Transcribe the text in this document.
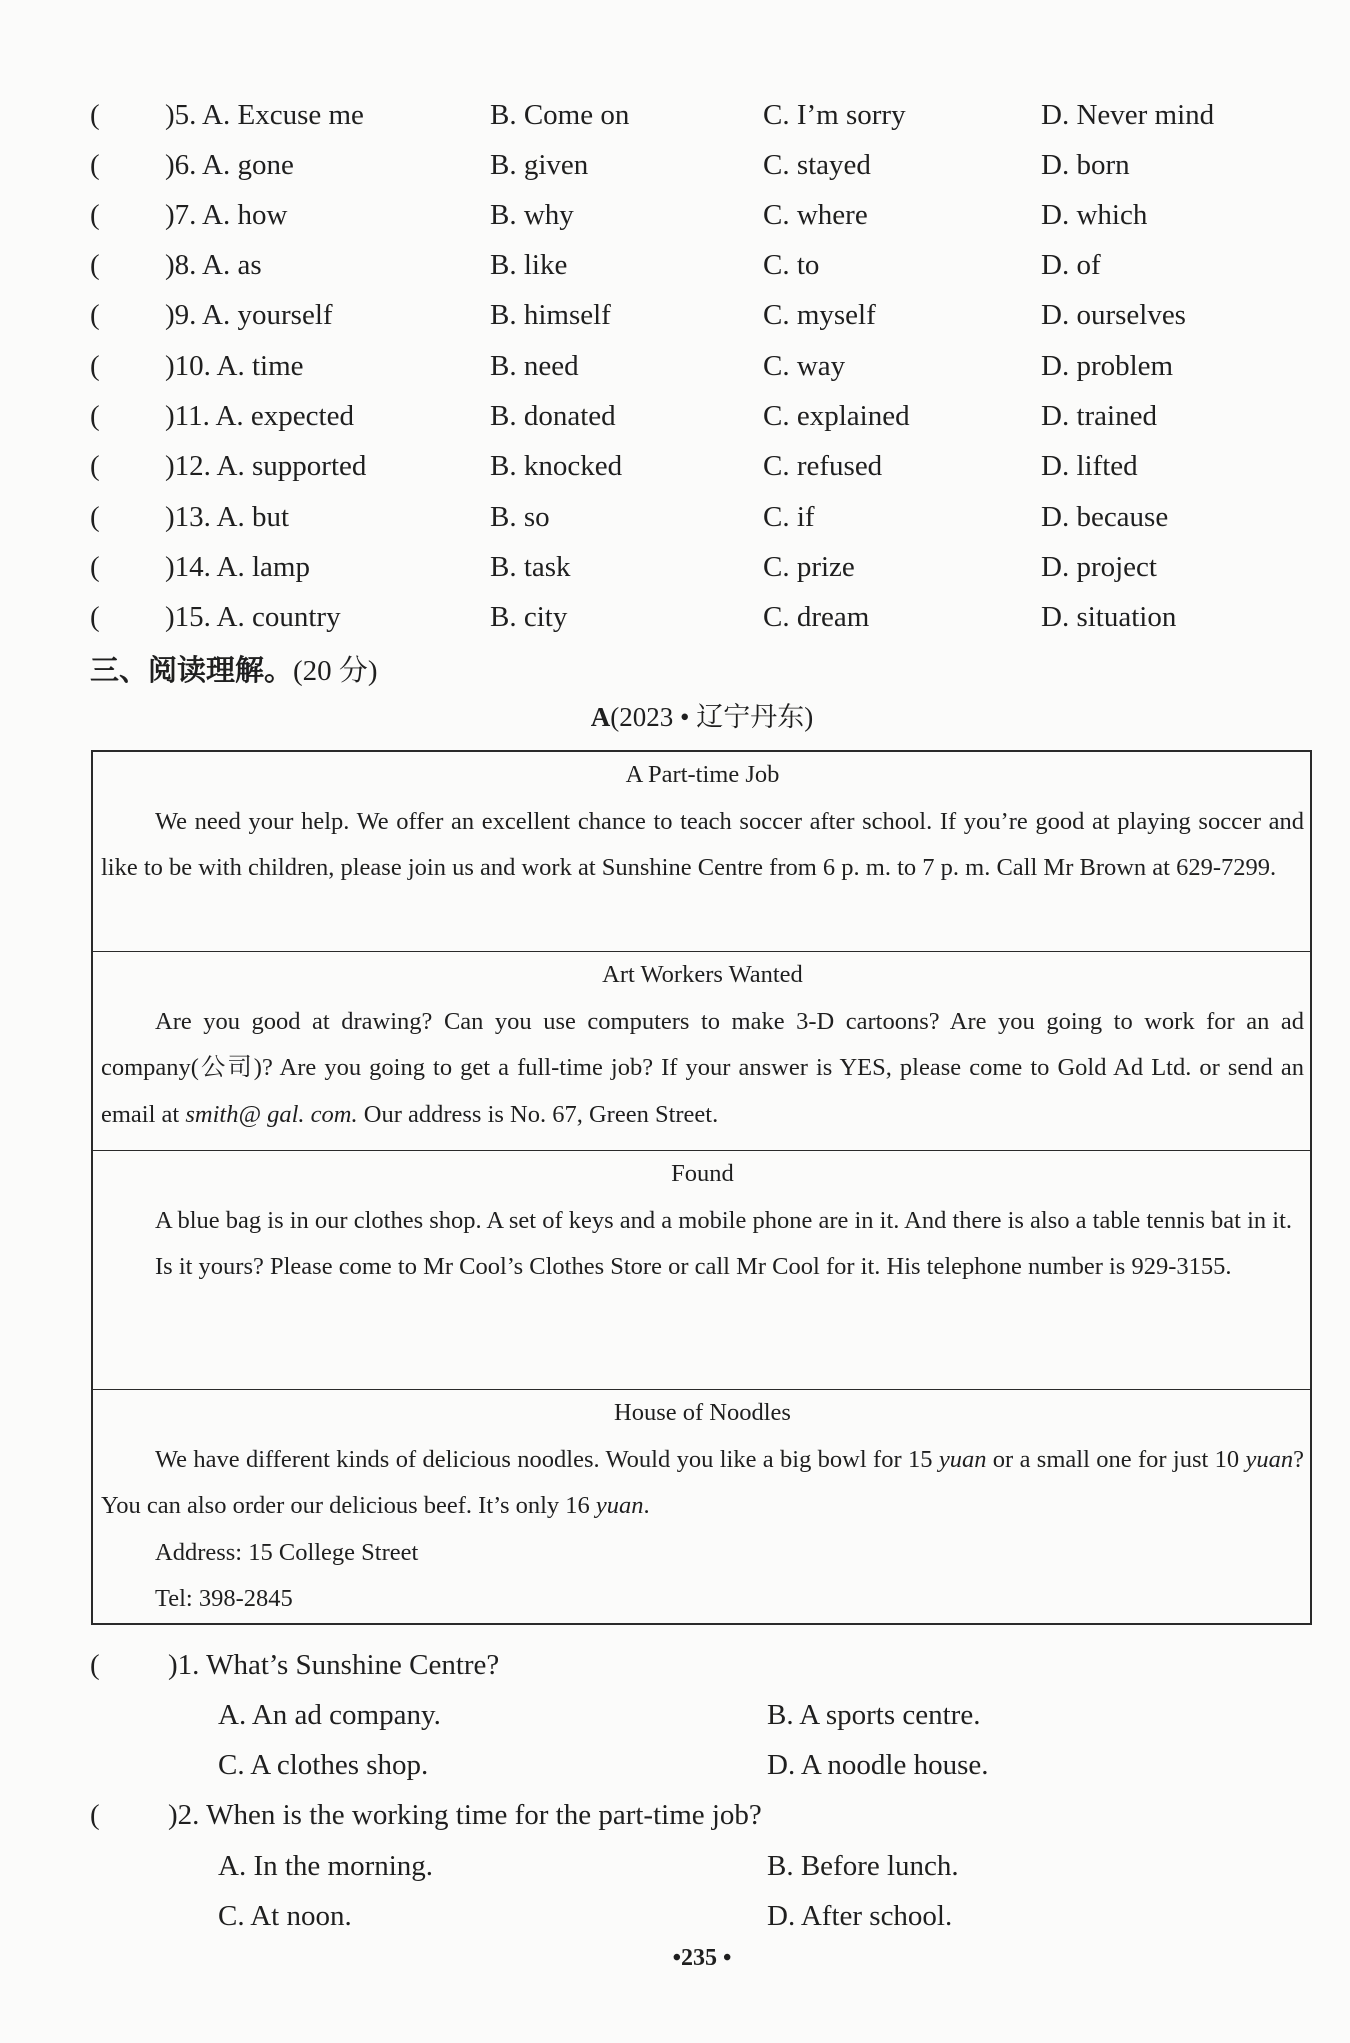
( )5. A. Excuse me	B. Come on	C. I’m sorry	D. Never mind
( )6. A. gone	B. given	C. stayed	D. born
( )7. A. how	B. why	C. where	D. which
( )8. A. as	B. like	C. to	D. of
( )9. A. yourself	B. himself	C. myself	D. ourselves
( )10. A. time	B. need	C. way	D. problem
( )11. A. expected	B. donated	C. explained	D. trained
( )12. A. supported	B. knocked	C. refused	D. lifted
( )13. A. but	B. so	C. if	D. because
( )14. A. lamp	B. task	C. prize	D. project
( )15. A. country	B. city	C. dream	D. situation
三、阅读理解。(20 分)
A(2023 • 辽宁丹东)
A Part-time Job

We need your help. We offer an excellent chance to teach soccer after school. If you’re good at playing soccer and like to be with children, please join us and work at Sunshine Centre from 6 p. m. to 7 p. m. Call Mr Brown at 629-7299.

Art Workers Wanted

Are you good at drawing? Can you use computers to make 3-D cartoons? Are you going to work for an ad company(公司)? Are you going to get a full-time job? If your answer is YES, please come to Gold Ad Ltd. or send an email at smith@ gal. com. Our address is No. 67, Green Street.

Found

A blue bag is in our clothes shop. A set of keys and a mobile phone are in it. And there is also a table tennis bat in it.

Is it yours? Please come to Mr Cool’s Clothes Store or call Mr Cool for it. His telephone number is 929-3155.

House of Noodles

We have different kinds of delicious noodles. Would you like a big bowl for 15 yuan or a small one for just 10 yuan? You can also order our delicious beef. It’s only 16 yuan.

Address: 15 College Street

Tel: 398-2845

( )1. What’s Sunshine Centre?
A. An ad company.	B. A sports centre.
C. A clothes shop.	D. A noodle house.
( )2. When is the working time for the part-time job?
A. In the morning.	B. Before lunch.
C. At noon.	D. After school.
•235 •
